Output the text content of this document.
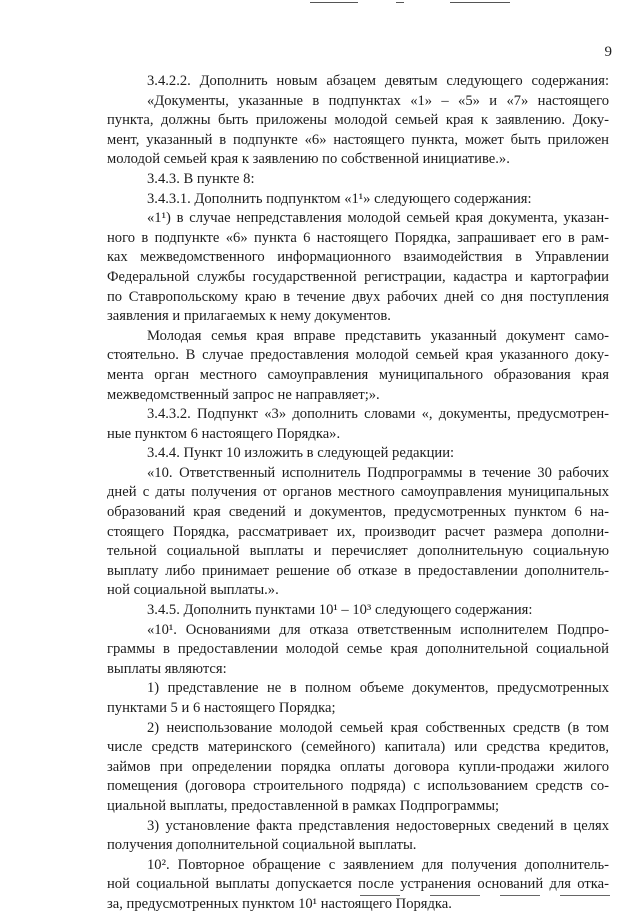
9
3.4.2.2. Дополнить новым абзацем девятым следующего содержания:
«Документы, указанные в подпунктах «1» – «5» и «7» настоящего
пункта, должны быть приложены молодой семьей края к заявлению. Доку-
мент, указанный в подпункте «6» настоящего пункта, может быть приложен
молодой семьей края к заявлению по собственной инициативе.».
3.4.3. В пункте 8:
3.4.3.1. Дополнить подпунктом «1¹» следующего содержания:
«1¹) в случае непредставления молодой семьей края документа, указан-
ного в подпункте «6» пункта 6 настоящего Порядка, запрашивает его в рам-
ках межведомственного информационного взаимодействия в Управлении
Федеральной службы государственной регистрации, кадастра и картографии
по Ставропольскому краю в течение двух рабочих дней со дня поступления
заявления и прилагаемых к нему документов.
Молодая семья края вправе представить указанный документ само-
стоятельно. В случае предоставления молодой семьей края указанного доку-
мента орган местного самоуправления муниципального образования края
межведомственный запрос не направляет;».
3.4.3.2. Подпункт «3» дополнить словами «, документы, предусмотрен-
ные пунктом 6 настоящего Порядка».
3.4.4. Пункт 10 изложить в следующей редакции:
«10. Ответственный исполнитель Подпрограммы в течение 30 рабочих
дней с даты получения от органов местного самоуправления муниципальных
образований края сведений и документов, предусмотренных пунктом 6 на-
стоящего Порядка, рассматривает их, производит расчет размера дополни-
тельной социальной выплаты и перечисляет дополнительную социальную
выплату либо принимает решение об отказе в предоставлении дополнитель-
ной социальной выплаты.».
3.4.5. Дополнить пунктами 10¹ – 10³ следующего содержания:
«10¹. Основаниями для отказа ответственным исполнителем Подпро-
граммы в предоставлении молодой семье края дополнительной социальной
выплаты являются:
1) представление не в полном объеме документов, предусмотренных
пунктами 5 и 6 настоящего Порядка;
2) неиспользование молодой семьей края собственных средств (в том
числе средств материнского (семейного) капитала) или средства кредитов,
займов при определении порядка оплаты договора купли-продажи жилого
помещения (договора строительного подряда) с использованием средств со-
циальной выплаты, предоставленной в рамках Подпрограммы;
3) установление факта представления недостоверных сведений в целях
получения дополнительной социальной выплаты.
10². Повторное обращение с заявлением для получения дополнитель-
ной социальной выплаты допускается после устранения оснований для отка-
за, предусмотренных пунктом 10¹ настоящего Порядка.
